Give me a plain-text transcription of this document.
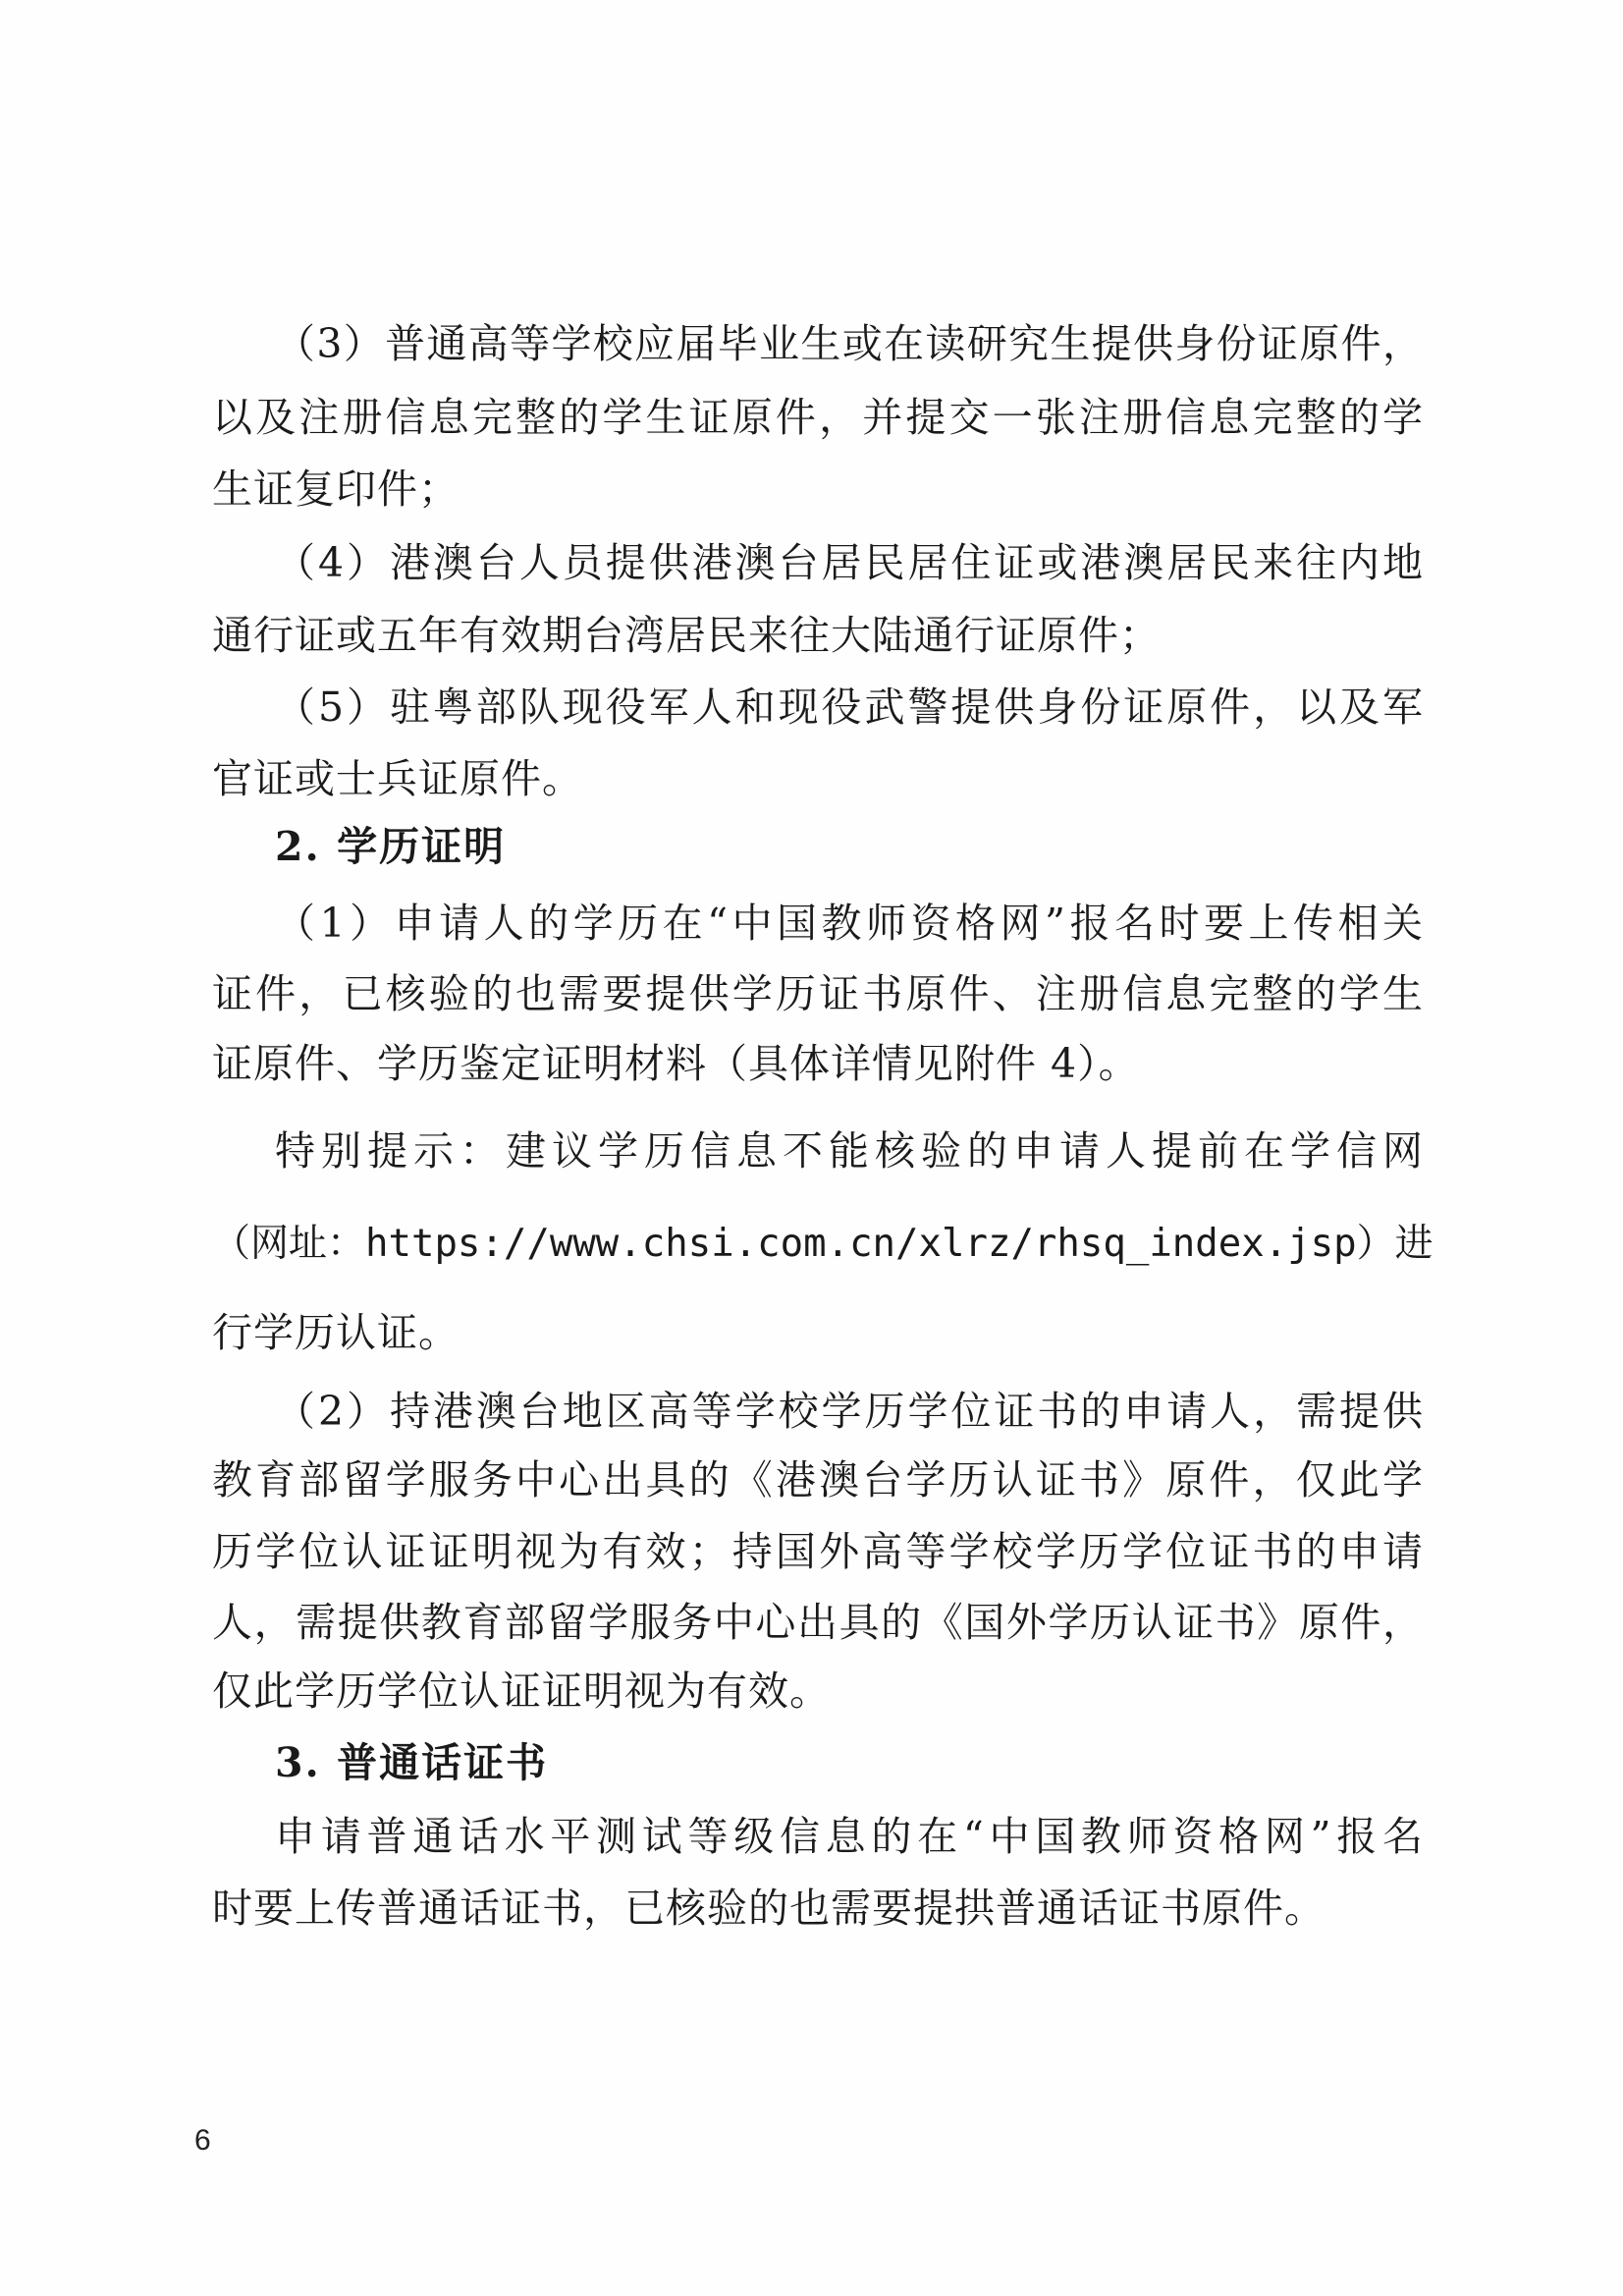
（3）普通高等学校应届毕业生或在读研究生提供身份证原件，
以及注册信息完整的学生证原件，并提交一张注册信息完整的学
生证复印件；
（4）港澳台人员提供港澳台居民居住证或港澳居民来往内地
通行证或五年有效期台湾居民来往大陆通行证原件；
（5）驻粤部队现役军人和现役武警提供身份证原件，以及军
官证或士兵证原件。
2. 学历证明
（1）申请人的学历在“中国教师资格网”报名时要上传相关
证件，已核验的也需要提供学历证书原件、注册信息完整的学生
证原件、学历鉴定证明材料（具体详情见附件 4）。
特别提示：建议学历信息不能核验的申请人提前在学信网
（网址：https://www.chsi.com.cn/xlrz/rhsq_index.jsp）进
行学历认证。
（2）持港澳台地区高等学校学历学位证书的申请人，需提供
教育部留学服务中心出具的《港澳台学历认证书》原件，仅此学
历学位认证证明视为有效；持国外高等学校学历学位证书的申请
人，需提供教育部留学服务中心出具的《国外学历认证书》原件，
仅此学历学位认证证明视为有效。
3. 普通话证书
申请普通话水平测试等级信息的在“中国教师资格网”报名
时要上传普通话证书，已核验的也需要提拱普通话证书原件。
6
